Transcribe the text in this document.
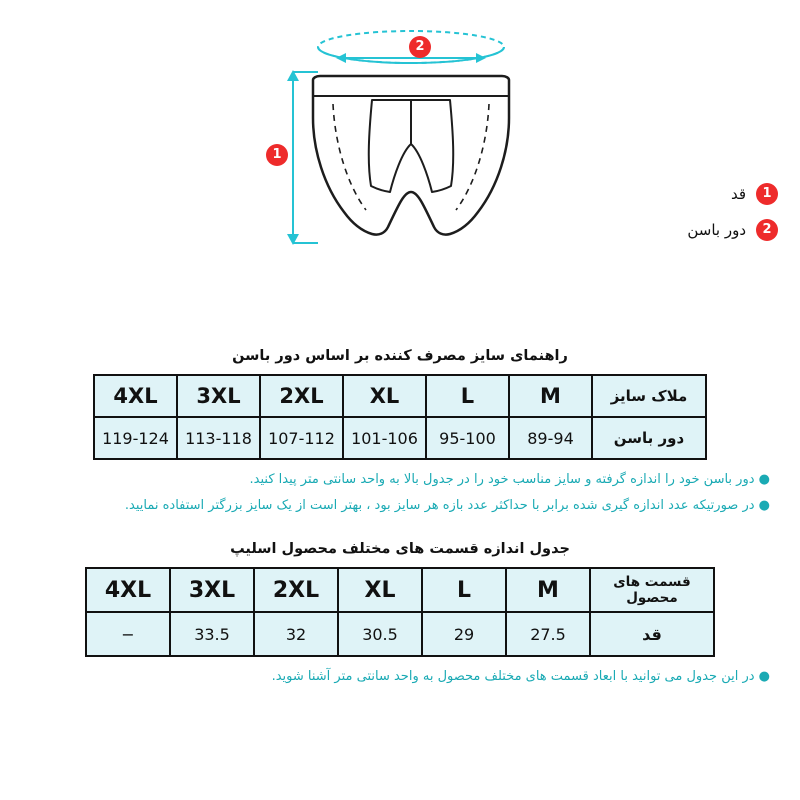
1
2
1
قد
2
دور باسن
راهنمای سایز مصرف کننده بر اساس دور باسن
ملاک سایز	M	L	XL	2XL	3XL	4XL
دور باسن	89-94	95-100	101-106	107-112	113-118	119-124
● دور باسن خود را اندازه گرفته و سایز مناسب خود را در جدول بالا به واحد سانتی متر پیدا کنید.
● در صورتیکه عدد اندازه گیری شده برابر با حداکثر عدد بازه هر سایز بود ، بهتر است از یک سایز بزرگتر استفاده نمایید.
جدول اندازه قسمت های مختلف محصول اسلیپ
قسمت های محصول	M	L	XL	2XL	3XL	4XL
قد	27.5	29	30.5	32	33.5	−
● در این جدول می توانید با ابعاد قسمت های مختلف محصول به واحد سانتی متر آشنا شوید.
